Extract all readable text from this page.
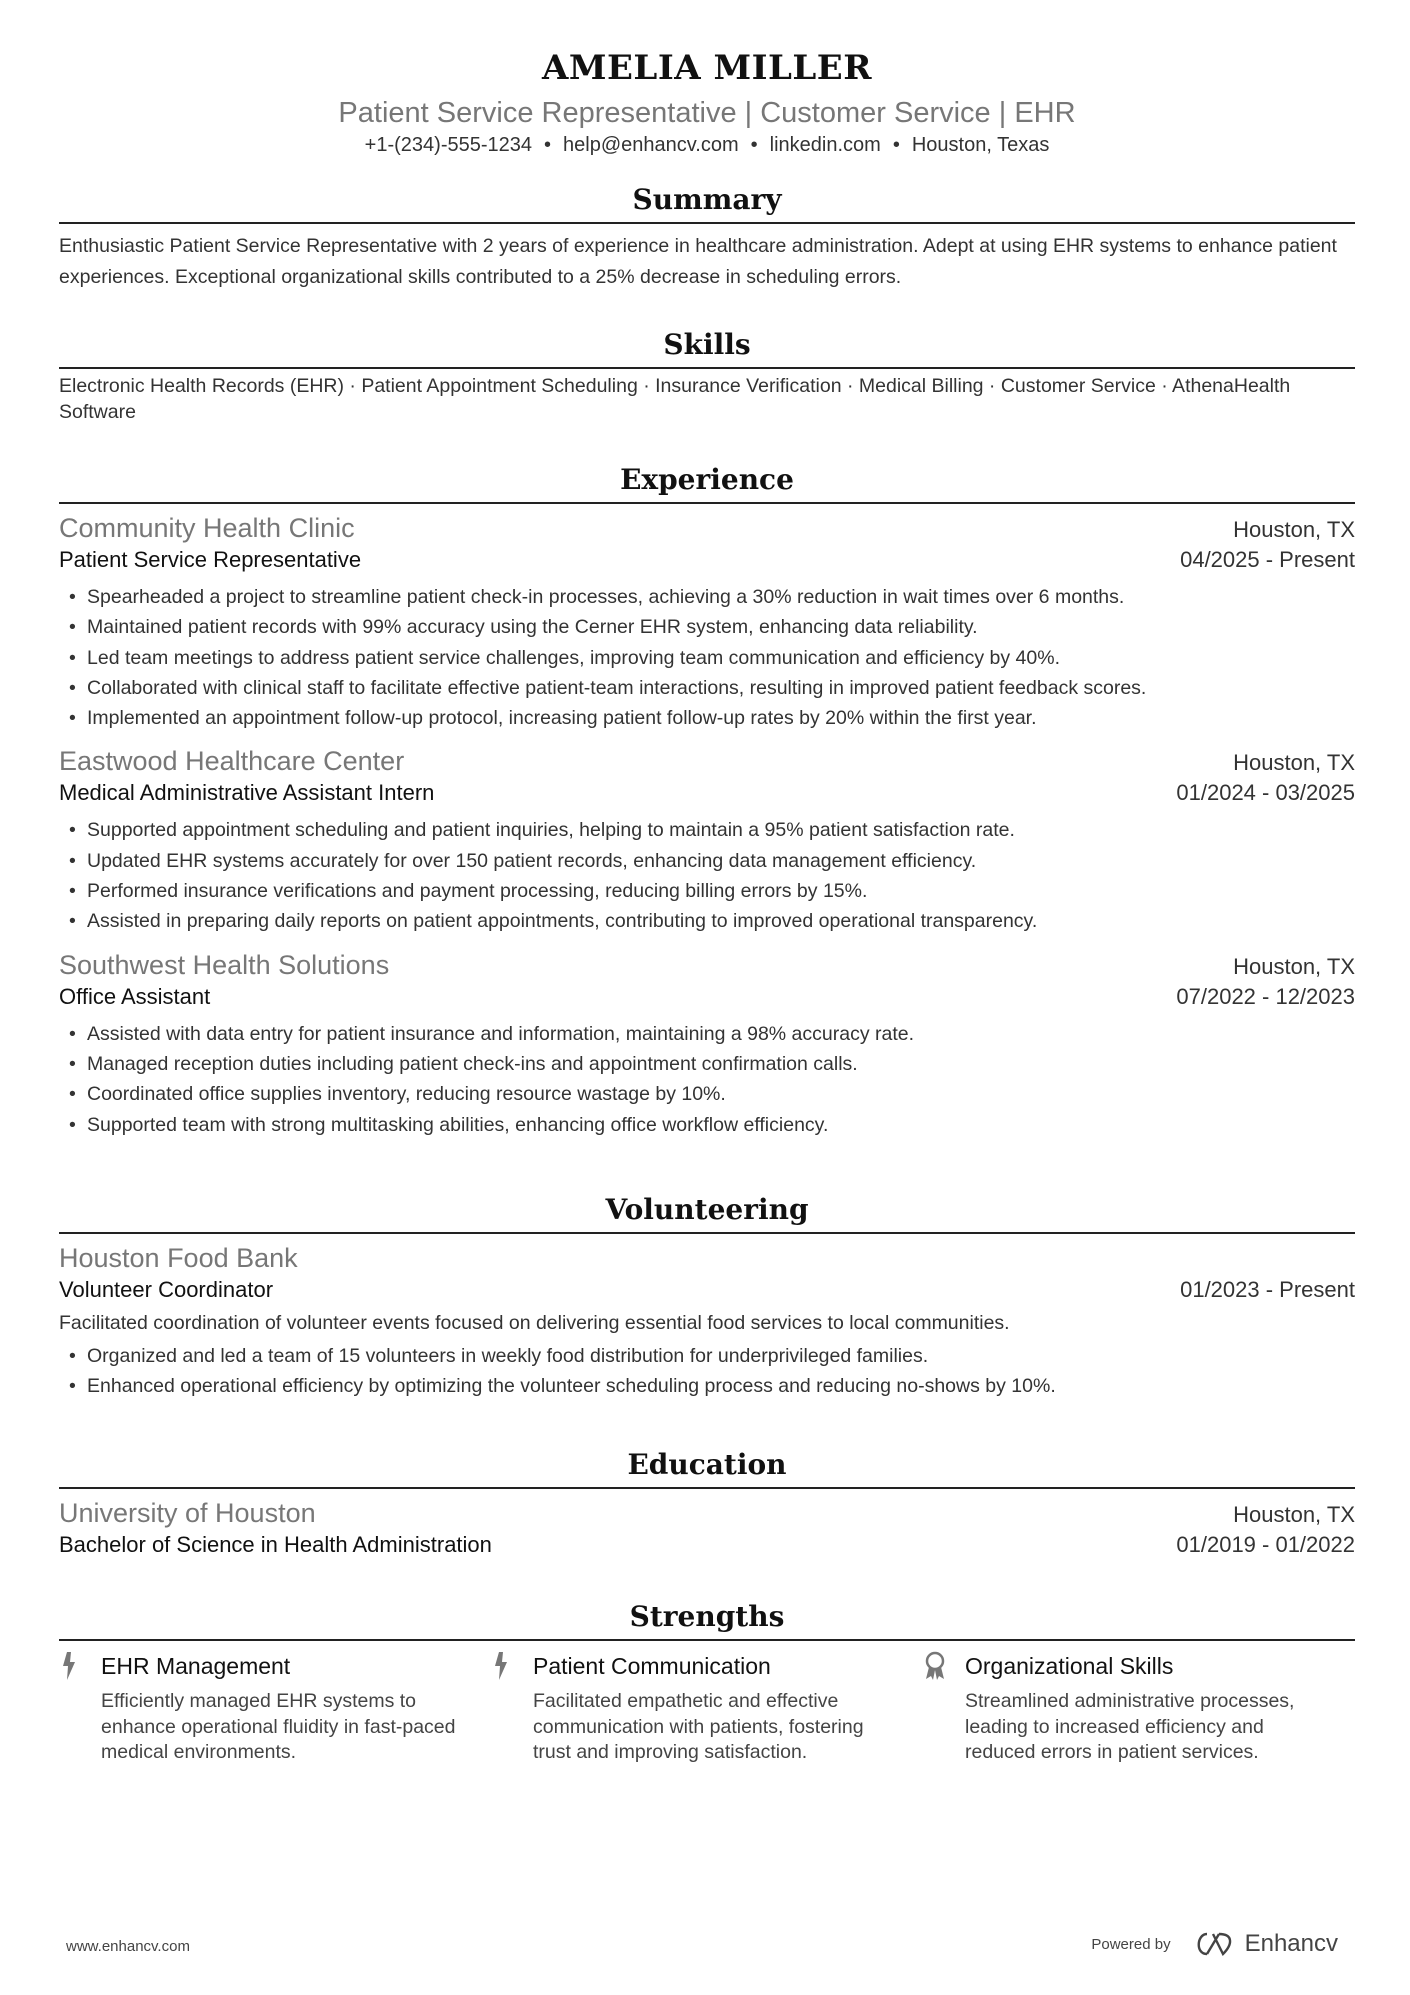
AMELIA MILLER
Patient Service Representative | Customer Service | EHR
+1-(234)-555-1234 • help@enhancv.com • linkedin.com • Houston, Texas
Summary
Enthusiastic Patient Service Representative with 2 years of experience in healthcare administration. Adept at using EHR systems to enhance patient experiences. Exceptional organizational skills contributed to a 25% decrease in scheduling errors.
Skills
Electronic Health Records (EHR) · Patient Appointment Scheduling · Insurance Verification · Medical Billing · Customer Service · AthenaHealth Software
Experience
Community Health Clinic	Houston, TX
Patient Service Representative	04/2025 - Present
• Spearheaded a project to streamline patient check-in processes, achieving a 30% reduction in wait times over 6 months.
• Maintained patient records with 99% accuracy using the Cerner EHR system, enhancing data reliability.
• Led team meetings to address patient service challenges, improving team communication and efficiency by 40%.
• Collaborated with clinical staff to facilitate effective patient-team interactions, resulting in improved patient feedback scores.
• Implemented an appointment follow-up protocol, increasing patient follow-up rates by 20% within the first year.
Eastwood Healthcare Center	Houston, TX
Medical Administrative Assistant Intern	01/2024 - 03/2025
• Supported appointment scheduling and patient inquiries, helping to maintain a 95% patient satisfaction rate.
• Updated EHR systems accurately for over 150 patient records, enhancing data management efficiency.
• Performed insurance verifications and payment processing, reducing billing errors by 15%.
• Assisted in preparing daily reports on patient appointments, contributing to improved operational transparency.
Southwest Health Solutions	Houston, TX
Office Assistant	07/2022 - 12/2023
• Assisted with data entry for patient insurance and information, maintaining a 98% accuracy rate.
• Managed reception duties including patient check-ins and appointment confirmation calls.
• Coordinated office supplies inventory, reducing resource wastage by 10%.
• Supported team with strong multitasking abilities, enhancing office workflow efficiency.
Volunteering
Houston Food Bank
Volunteer Coordinator	01/2023 - Present
Facilitated coordination of volunteer events focused on delivering essential food services to local communities.
• Organized and led a team of 15 volunteers in weekly food distribution for underprivileged families.
• Enhanced operational efficiency by optimizing the volunteer scheduling process and reducing no-shows by 10%.
Education
University of Houston	Houston, TX
Bachelor of Science in Health Administration	01/2019 - 01/2022
Strengths
EHR Management
Efficiently managed EHR systems to enhance operational fluidity in fast-paced medical environments.
Patient Communication
Facilitated empathetic and effective communication with patients, fostering trust and improving satisfaction.
Organizational Skills
Streamlined administrative processes, leading to increased efficiency and reduced errors in patient services.
www.enhancv.com	Powered by	Enhancv
